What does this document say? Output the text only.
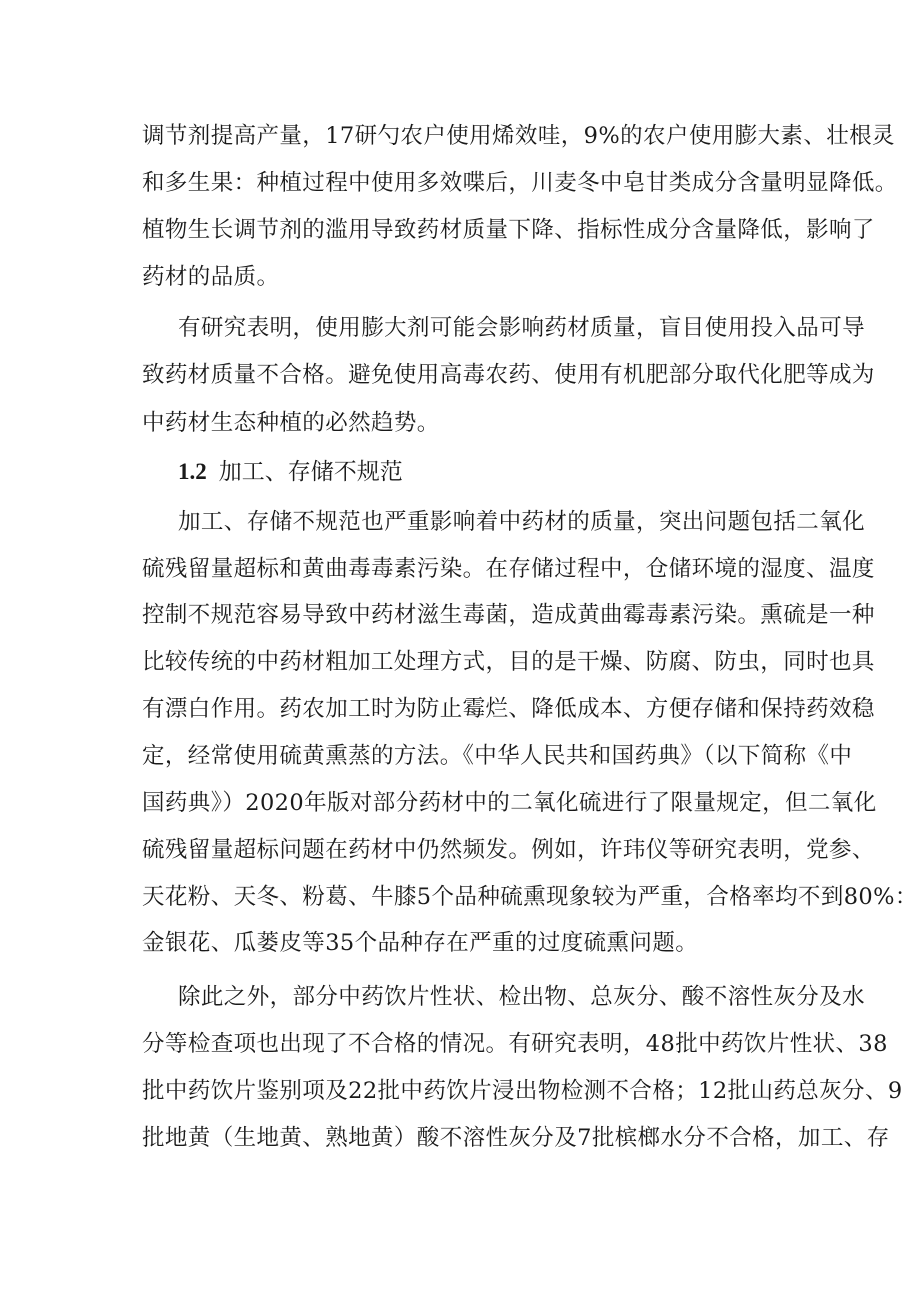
调节剂提高产量，17研勺农户使用烯效哇，9%的农户使用膨大素、壮根灵
和多生果：种植过程中使用多效喋后，川麦冬中皂甘类成分含量明显降低。
植物生长调节剂的滥用导致药材质量下降、指标性成分含量降低，影响了
药材的品质。
有研究表明，使用膨大剂可能会影响药材质量，盲目使用投入品可导
致药材质量不合格。避免使用高毒农药、使用有机肥部分取代化肥等成为
中药材生态种植的必然趋势。
1.2 加工、存储不规范
加工、存储不规范也严重影响着中药材的质量，突出问题包括二氧化
硫残留量超标和黄曲毒毒素污染。在存储过程中，仓储环境的湿度、温度
控制不规范容易导致中药材滋生毒菌，造成黄曲霉毒素污染。熏硫是一种
比较传统的中药材粗加工处理方式，目的是干燥、防腐、防虫，同时也具
有漂白作用。药农加工时为防止霉烂、降低成本、方便存储和保持药效稳
定，经常使用硫黄熏蒸的方法。《中华人民共和国药典》（以下简称《中
国药典》）2020年版对部分药材中的二氧化硫进行了限量规定，但二氧化
硫残留量超标问题在药材中仍然频发。例如，许玮仪等研究表明，党参、
天花粉、天冬、粉葛、牛膝5个品种硫熏现象较为严重，合格率均不到80%：
金银花、瓜蒌皮等35个品种存在严重的过度硫熏问题。
除此之外，部分中药饮片性状、检出物、总灰分、酸不溶性灰分及水
分等检查项也出现了不合格的情况。有研究表明，48批中药饮片性状、38
批中药饮片鉴别项及22批中药饮片浸出物检测不合格；12批山药总灰分、9
批地黄（生地黄、熟地黄）酸不溶性灰分及7批槟榔水分不合格，加工、存
